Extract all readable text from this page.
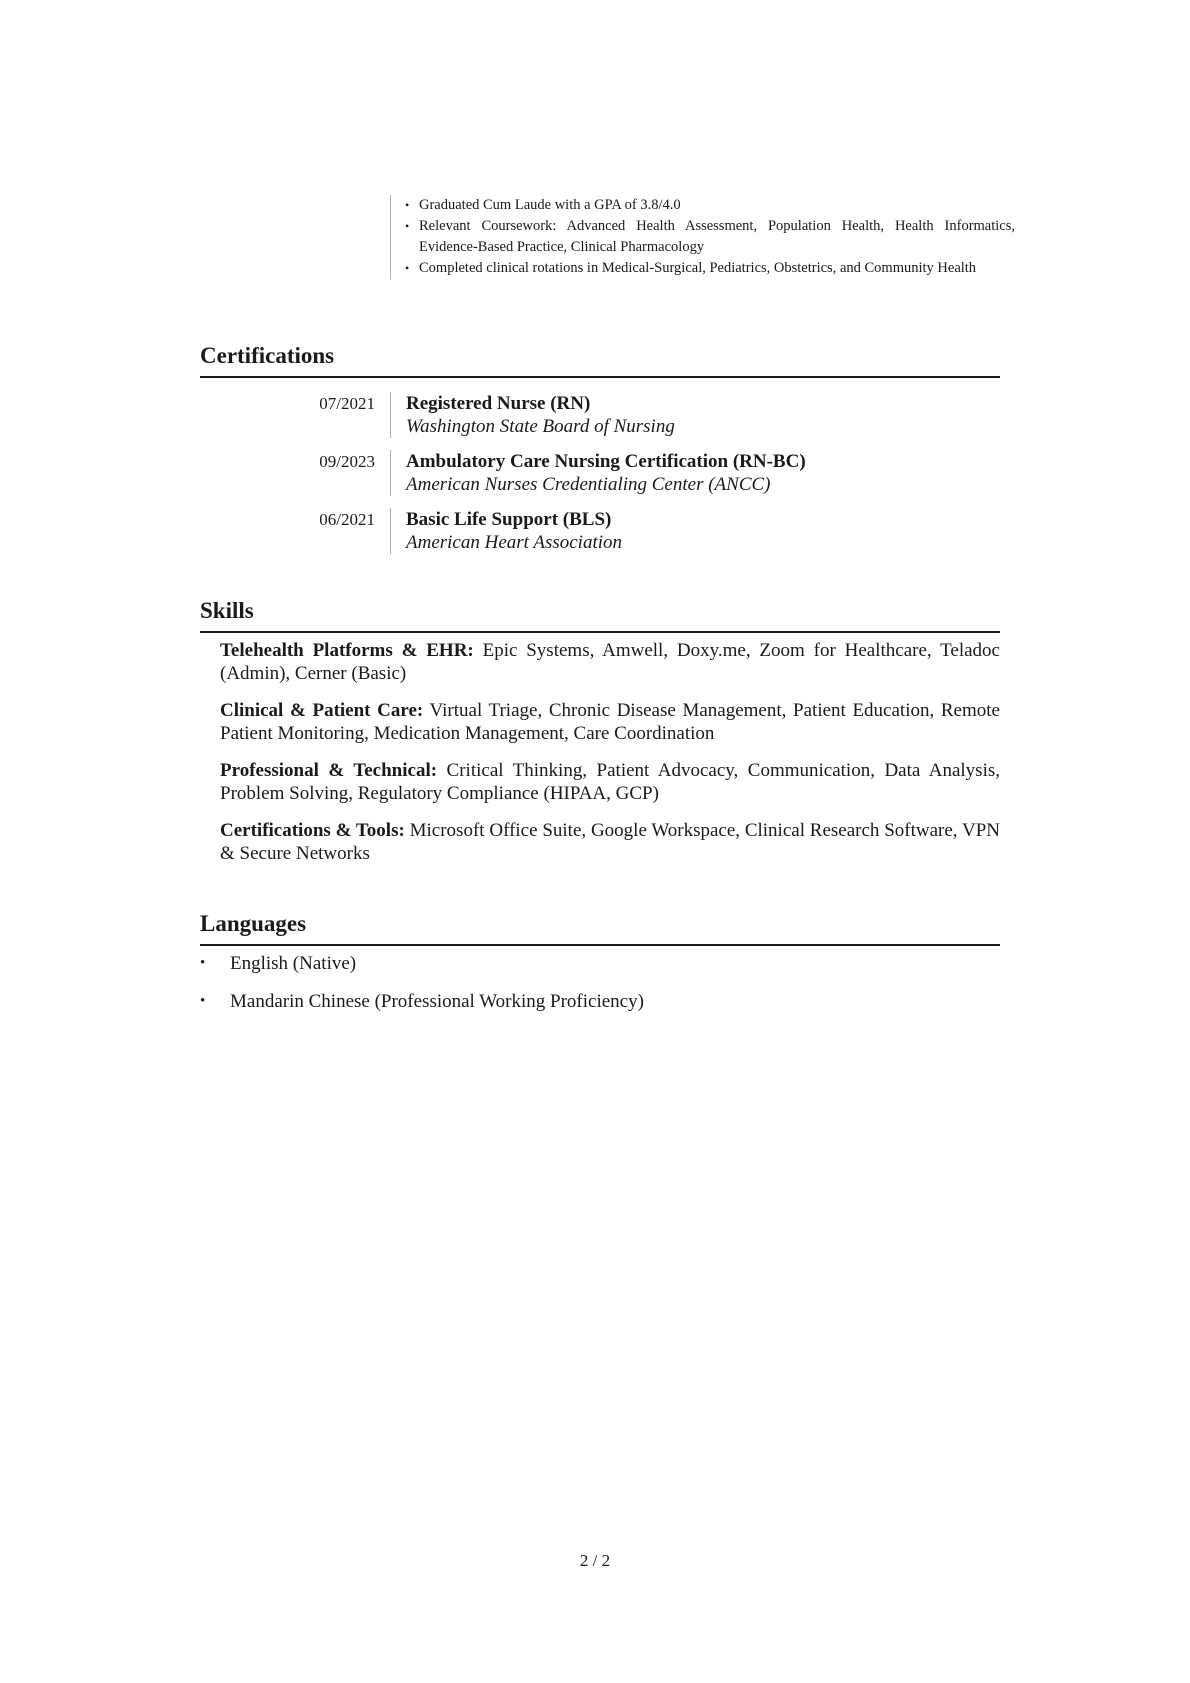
• Graduated Cum Laude with a GPA of 3.8/4.0
• Relevant Coursework: Advanced Health Assessment, Population Health, Health Informatics, Evidence-Based Practice, Clinical Pharmacology
• Completed clinical rotations in Medical-Surgical, Pediatrics, Obstetrics, and Community Health
Certifications
07/2021	Registered Nurse (RN)
Washington State Board of Nursing
09/2023	Ambulatory Care Nursing Certification (RN-BC)
American Nurses Credentialing Center (ANCC)
06/2021	Basic Life Support (BLS)
American Heart Association
Skills
Telehealth Platforms & EHR: Epic Systems, Amwell, Doxy.me, Zoom for Healthcare, Teladoc (Admin), Cerner (Basic)
Clinical & Patient Care: Virtual Triage, Chronic Disease Management, Patient Education, Remote Patient Monitoring, Medication Management, Care Coordination
Professional & Technical: Critical Thinking, Patient Advocacy, Communication, Data Analysis, Problem Solving, Regulatory Compliance (HIPAA, GCP)
Certifications & Tools: Microsoft Office Suite, Google Workspace, Clinical Research Software, VPN & Secure Networks
Languages
• English (Native)
• Mandarin Chinese (Professional Working Proficiency)
2 / 2
